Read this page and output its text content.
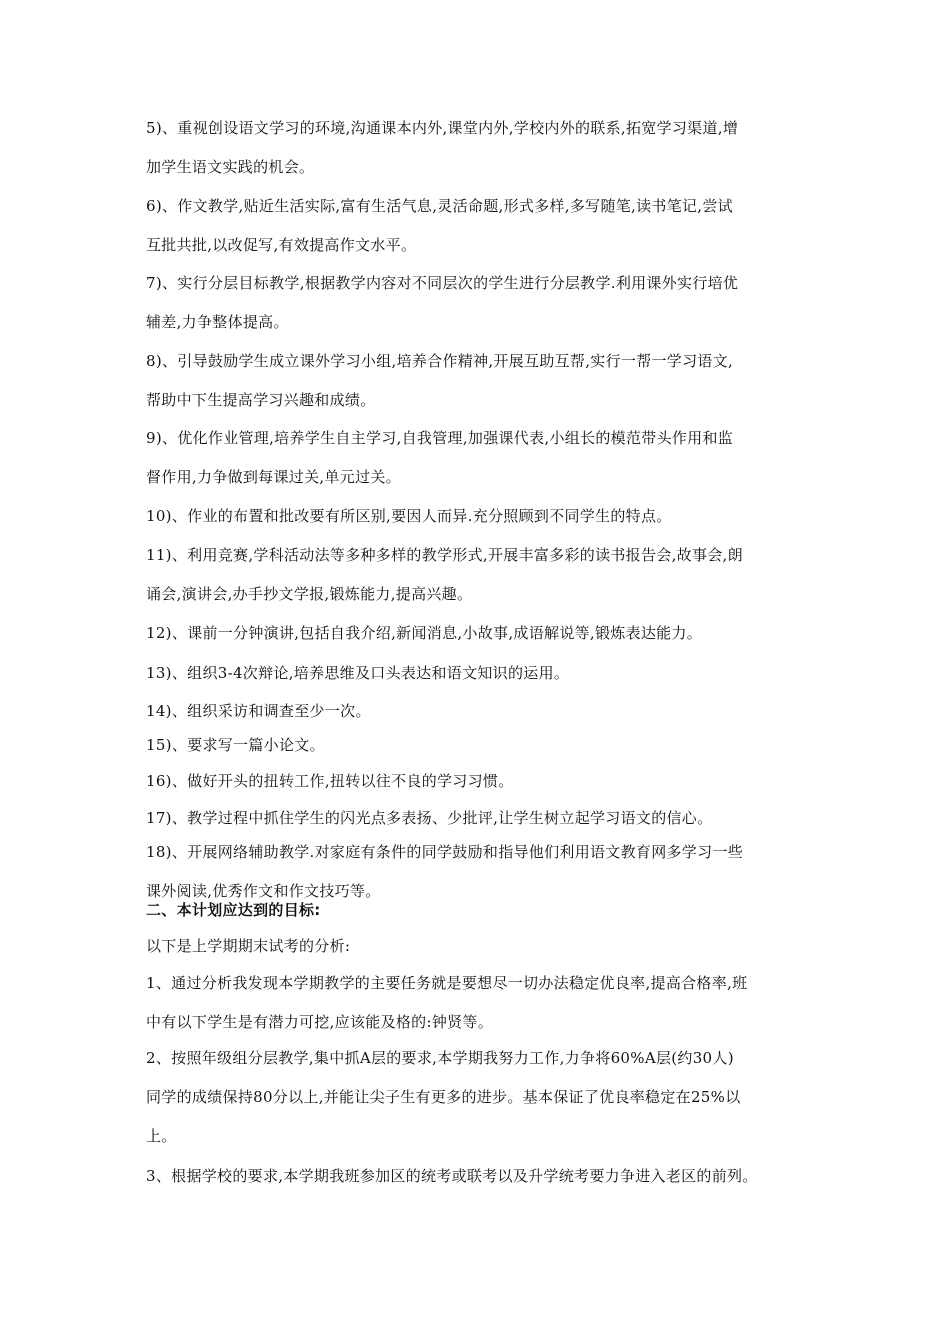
5)、重视创设语文学习的环境,沟通课本内外,课堂内外,学校内外的联系,拓宽学习渠道,增
加学生语文实践的机会。
6)、作文教学,贴近生活实际,富有生活气息,灵活命题,形式多样,多写随笔,读书笔记,尝试
互批共批,以改促写,有效提高作文水平。
7)、实行分层目标教学,根据教学内容对不同层次的学生进行分层教学.利用课外实行培优
辅差,力争整体提高。
8)、引导鼓励学生成立课外学习小组,培养合作精神,开展互助互帮,实行一帮一学习语文,
帮助中下生提高学习兴趣和成绩。
9)、优化作业管理,培养学生自主学习,自我管理,加强课代表,小组长的模范带头作用和监
督作用,力争做到每课过关,单元过关。
10)、作业的布置和批改要有所区别,要因人而异.充分照顾到不同学生的特点。
11)、利用竞赛,学科活动法等多种多样的教学形式,开展丰富多彩的读书报告会,故事会,朗
诵会,演讲会,办手抄文学报,锻炼能力,提高兴趣。
12)、课前一分钟演讲,包括自我介绍,新闻消息,小故事,成语解说等,锻炼表达能力。
13)、组织3-4次辩论,培养思维及口头表达和语文知识的运用。
14)、组织采访和调查至少一次。
15)、要求写一篇小论文。
16)、做好开头的扭转工作,扭转以往不良的学习习惯。
17)、教学过程中抓住学生的闪光点多表扬、少批评,让学生树立起学习语文的信心。
18)、开展网络辅助教学.对家庭有条件的同学鼓励和指导他们利用语文教育网多学习一些
课外阅读,优秀作文和作文技巧等。
二、本计划应达到的目标:
以下是上学期期末试考的分析:
1、通过分析我发现本学期教学的主要任务就是要想尽一切办法稳定优良率,提高合格率,班
中有以下学生是有潜力可挖,应该能及格的:钟贤等。
2、按照年级组分层教学,集中抓A层的要求,本学期我努力工作,力争将60%A层(约30人)
同学的成绩保持80分以上,并能让尖子生有更多的进步。基本保证了优良率稳定在25%以
上。
3、根据学校的要求,本学期我班参加区的统考或联考以及升学统考要力争进入老区的前列。
